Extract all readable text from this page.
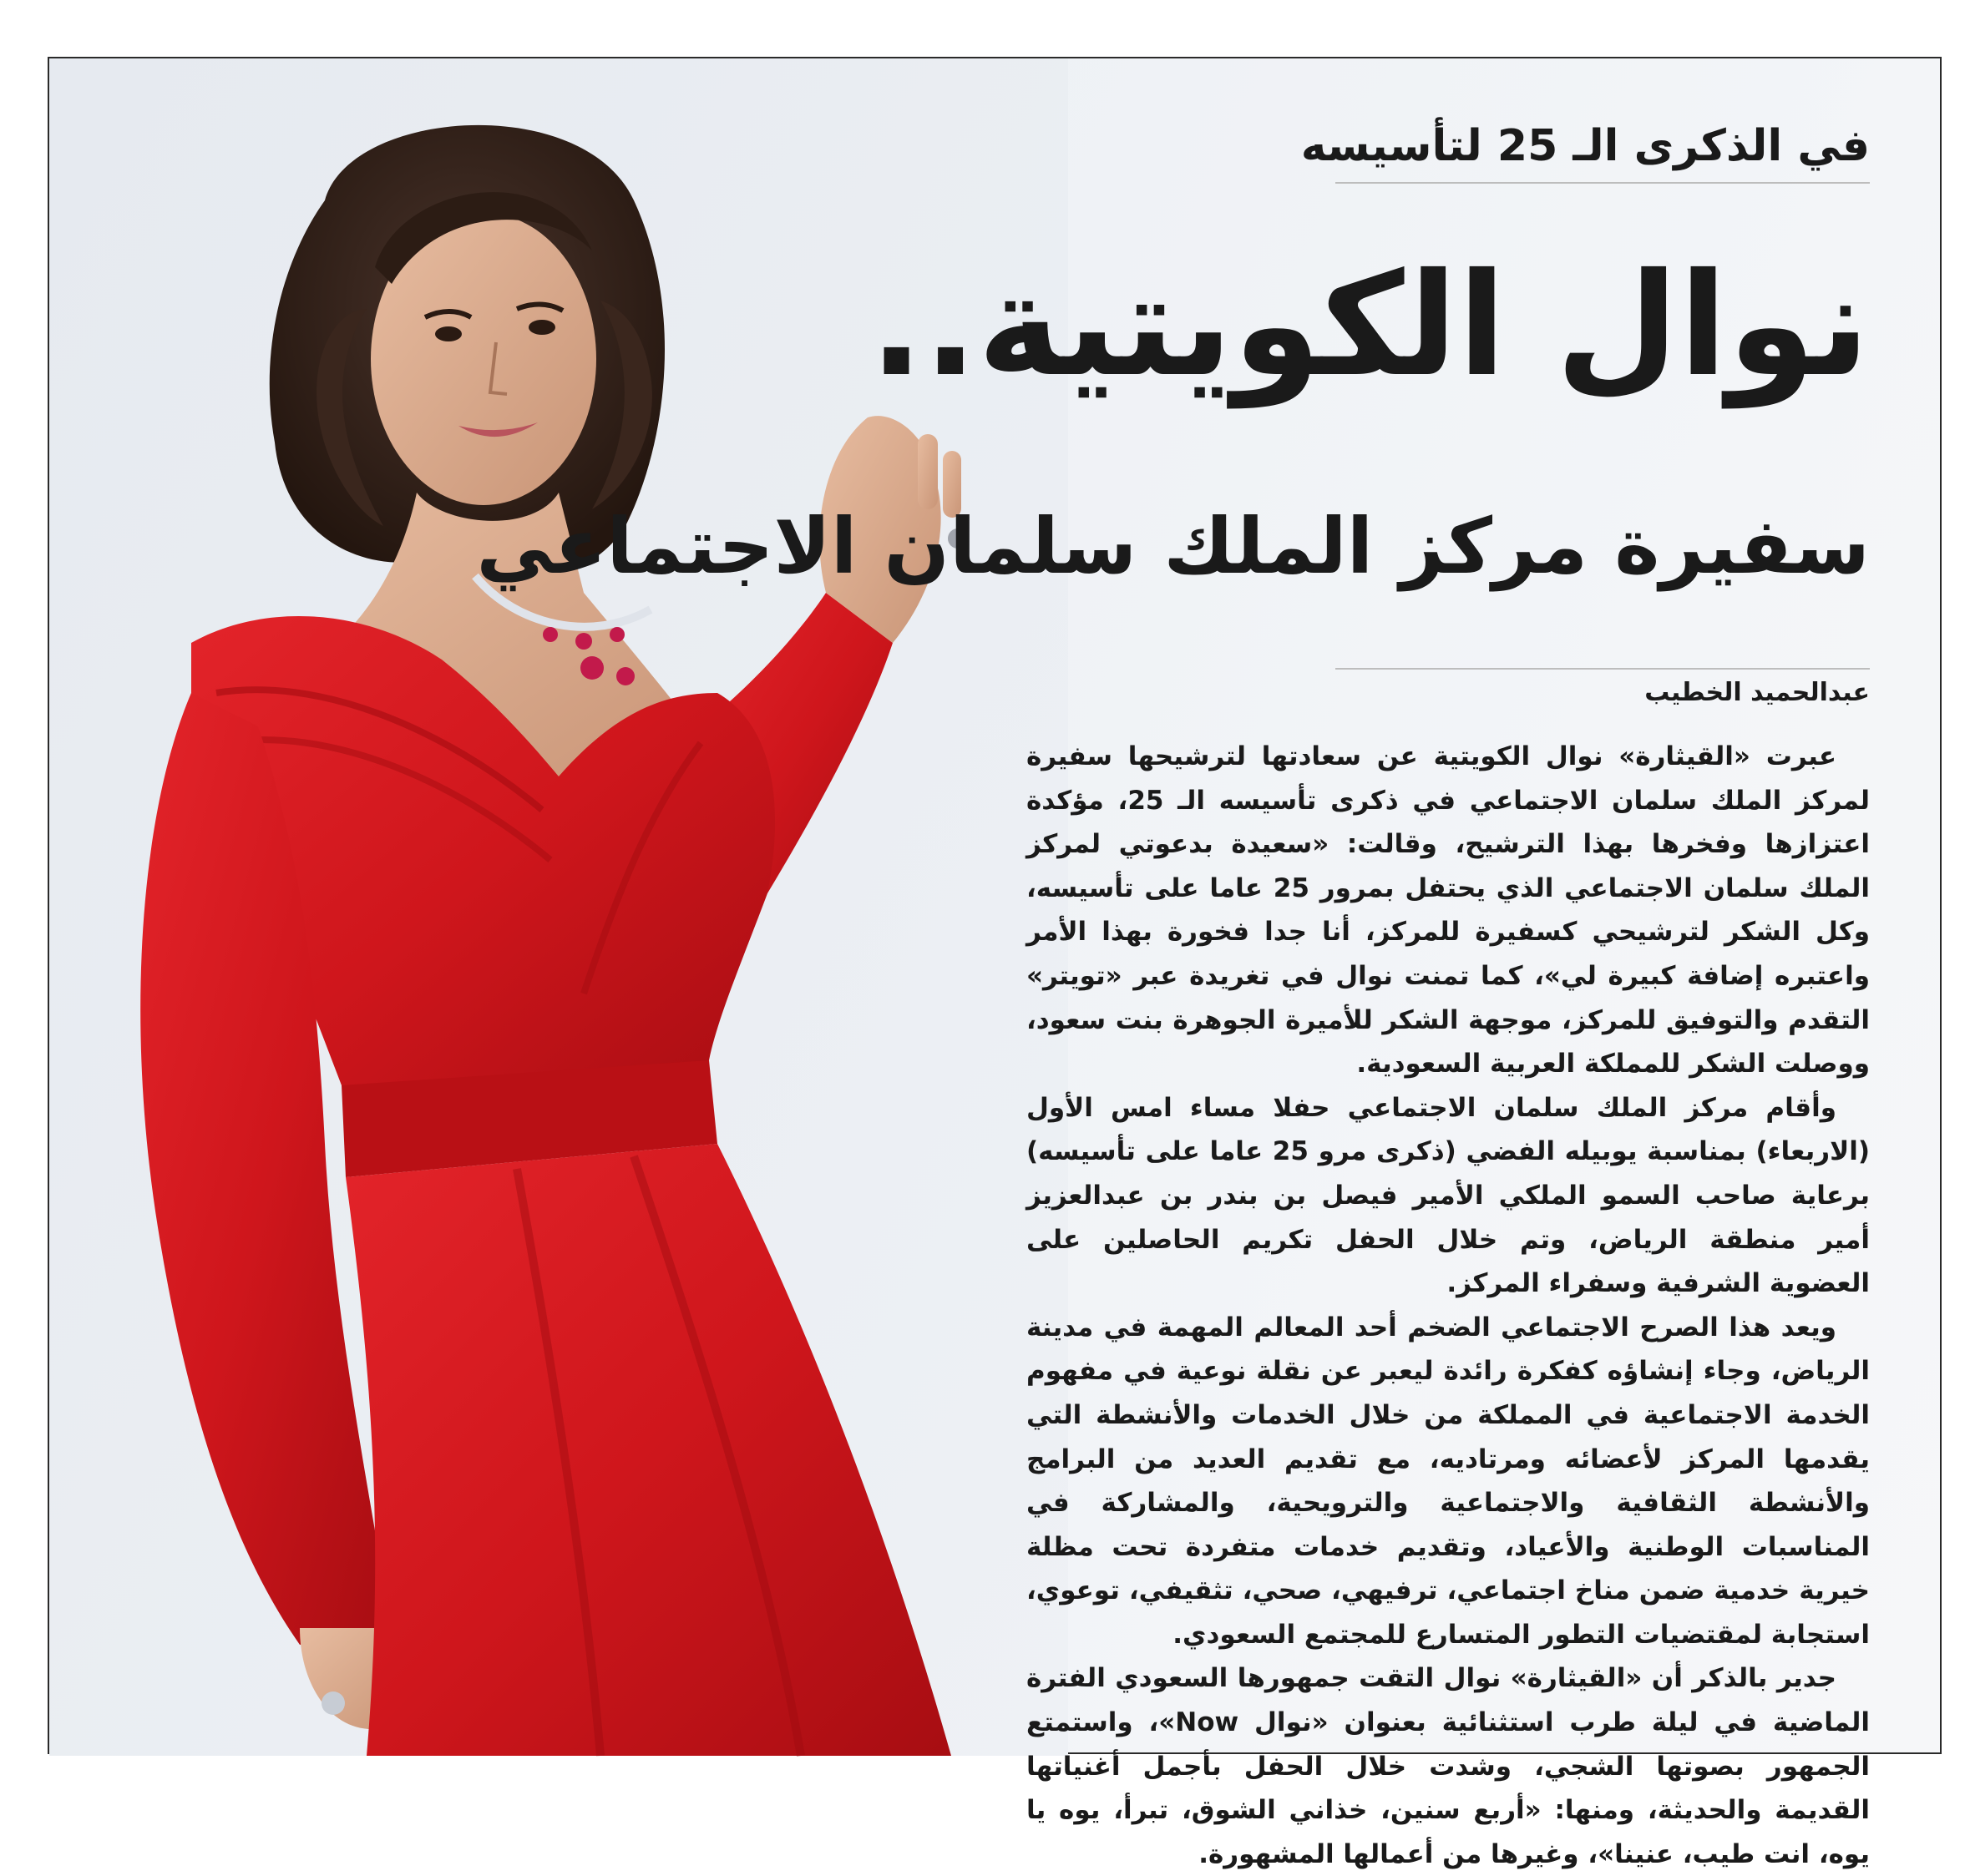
في الذكرى الـ 25 لتأسيسه
نوال الكويتية..
سفيرة مركز الملك سلمان الاجتماعي
عبدالحميد الخطيب

عبرت «القيثارة» نوال الكويتية عن سعادتها لترشيحها سفيرة لمركز الملك سلمان الاجتماعي في ذكرى تأسيسه الـ 25، مؤكدة اعتزازها وفخرها بهذا الترشيح، وقالت: «سعيدة بدعوتي لمركز الملك سلمان الاجتماعي الذي يحتفل بمرور 25 عاما على تأسيسه، وكل الشكر لترشيحي كسفيرة للمركز، أنا جدا فخورة بهذا الأمر واعتبره إضافة كبيرة لي»، كما تمنت نوال في تغريدة عبر «تويتر» التقدم والتوفيق للمركز، موجهة الشكر للأميرة الجوهرة بنت سعود، ووصلت الشكر للمملكة العربية السعودية.

وأقام مركز الملك سلمان الاجتماعي حفلا مساء امس الأول (الاربعاء) بمناسبة يوبيله الفضي (ذكرى مرو 25 عاما على تأسيسه) برعاية صاحب السمو الملكي الأمير فيصل بن بندر بن عبدالعزيز أمير منطقة الرياض، وتم خلال الحفل تكريم الحاصلين على العضوية الشرفية وسفراء المركز.

ويعد هذا الصرح الاجتماعي الضخم أحد المعالم المهمة في مدينة الرياض، وجاء إنشاؤه كفكرة رائدة ليعبر عن نقلة نوعية في مفهوم الخدمة الاجتماعية في المملكة من خلال الخدمات والأنشطة التي يقدمها المركز لأعضائه ومرتاديه، مع تقديم العديد من البرامج والأنشطة الثقافية والاجتماعية والترويحية، والمشاركة في المناسبات الوطنية والأعياد، وتقديم خدمات متفردة تحت مظلة خيرية خدمية ضمن مناخ اجتماعي، ترفيهي، صحي، تثقيفي، توعوي، استجابة لمقتضيات التطور المتسارع للمجتمع السعودي.

جدير بالذكر أن «القيثارة» نوال التقت جمهورها السعودي الفترة الماضية في ليلة طرب استثنائية بعنوان «نوال Now»، واستمتع الجمهور بصوتها الشجي، وشدت خلال الحفل بأجمل أغنياتها القديمة والحديثة، ومنها: «أربع سنين، خذاني الشوق، تبرأ، يوه يا يوه، انت طيب، عنينا»، وغيرها من أعمالها المشهورة.
